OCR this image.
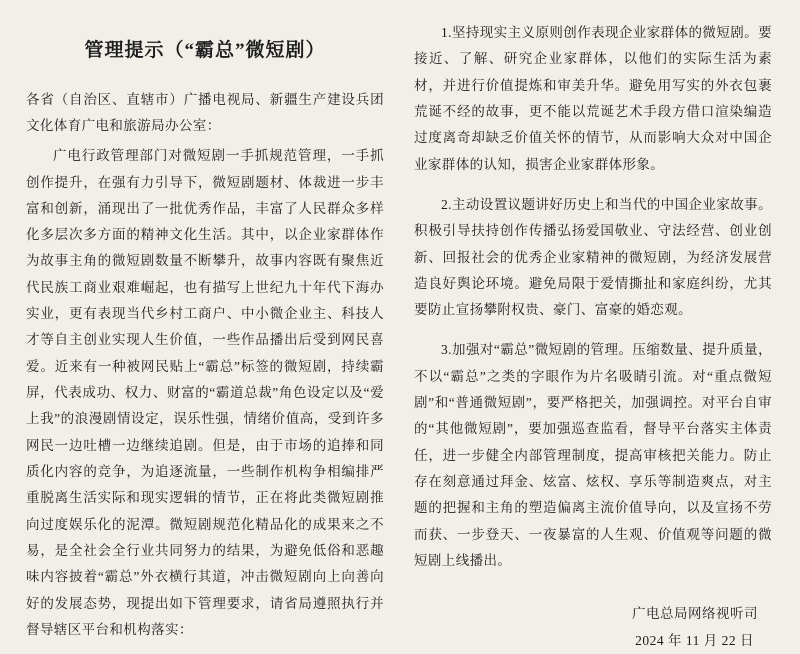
管理提示（“霸总”微短剧）
各省（自治区、直辖市）广播电视局、新疆生产建设兵团文化体育广电和旅游局办公室：

广电行政管理部门对微短剧一手抓规范管理，一手抓创作提升，在强有力引导下，微短剧题材、体裁进一步丰富和创新，涌现出了一批优秀作品，丰富了人民群众多样化多层次多方面的精神文化生活。其中，以企业家群体作为故事主角的微短剧数量不断攀升，故事内容既有聚焦近代民族工商业艰难崛起，也有描写上世纪九十年代下海办实业，更有表现当代乡村工商户、中小微企业主、科技人才等自主创业实现人生价值，一些作品播出后受到网民喜爱。近来有一种被网民贴上“霸总”标签的微短剧，持续霸屏，代表成功、权力、财富的“霸道总裁”角色设定以及“爱上我”的浪漫剧情设定，误乐性强，情绪价值高，受到许多网民一边吐槽一边继续追剧。但是，由于市场的追捧和同质化内容的竞争，为追逐流量，一些制作机构争相编排严重脱离生活实际和现实逻辑的情节，正在将此类微短剧推向过度娱乐化的泥潭。微短剧规范化精品化的成果来之不易，是全社会全行业共同努力的结果，为避免低俗和恶趣味内容披着“霸总”外衣横行其道，冲击微短剧向上向善向好的发展态势，现提出如下管理要求，请省局遵照执行并督导辖区平台和机构落实：

1.坚持现实主义原则创作表现企业家群体的微短剧。要接近、了解、研究企业家群体，以他们的实际生活为素材，并进行价值提炼和审美升华。避免用写实的外衣包裹荒诞不经的故事，更不能以荒诞艺术手段方借口渲染编造过度离奇却缺乏价值关怀的情节，从而影响大众对中国企业家群体的认知，损害企业家群体形象。

2.主动设置议题讲好历史上和当代的中国企业家故事。积极引导扶持创作传播弘扬爱国敬业、守法经营、创业创新、回报社会的优秀企业家精神的微短剧，为经济发展营造良好舆论环境。避免局限于爱情撕扯和家庭纠纷，尤其要防止宣扬攀附权贵、豪门、富豪的婚恋观。

3.加强对“霸总”微短剧的管理。压缩数量、提升质量，不以“霸总”之类的字眼作为片名吸睛引流。对“重点微短剧”和“普通微短剧”，要严格把关，加强调控。对平台自审的“其他微短剧”，要加强巡查监看，督导平台落实主体责任，进一步健全内部管理制度，提高审核把关能力。防止存在刻意通过拜金、炫富、炫权、享乐等制造爽点，对主题的把握和主角的塑造偏离主流价值导向，以及宣扬不劳而获、一步登天、一夜暴富的人生观、价值观等问题的微短剧上线播出。

广电总局网络视听司
2024 年 11 月 22 日
